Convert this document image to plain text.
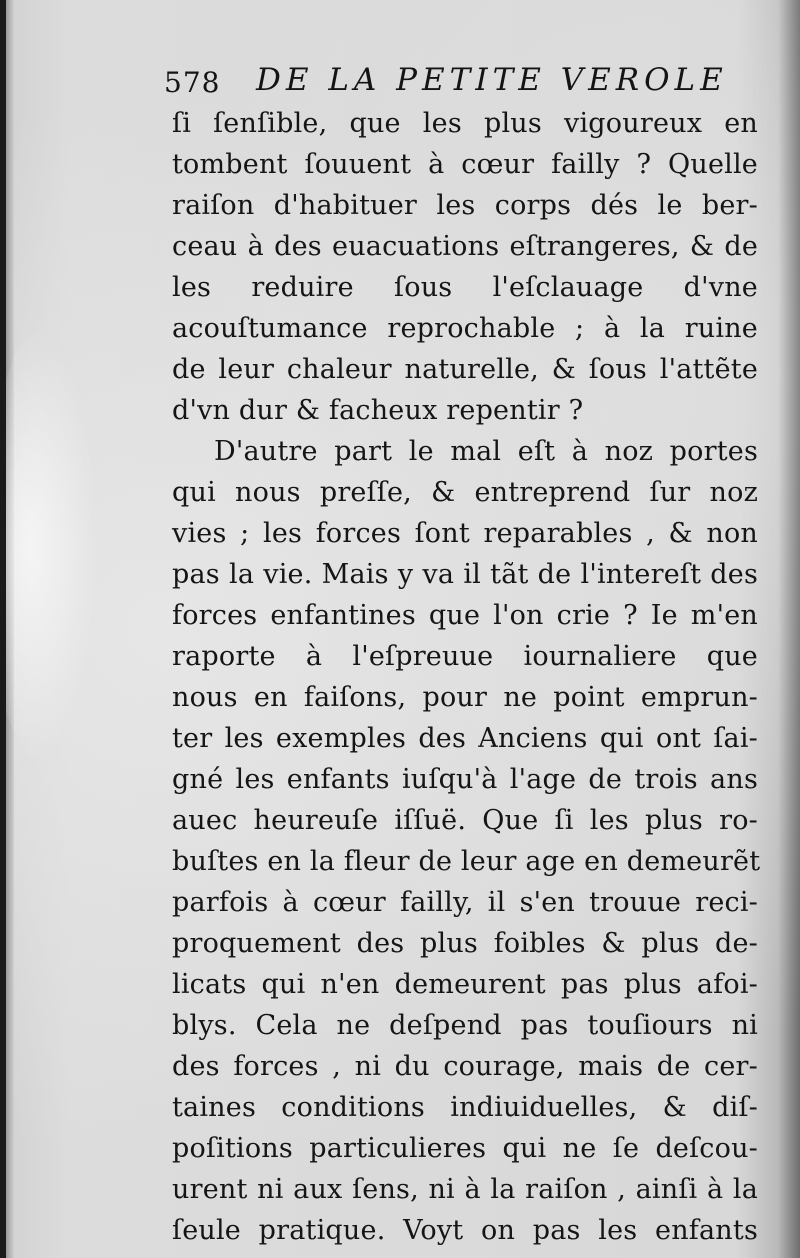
578 DE LA PETITE VEROLE
ſi ſenſible, que les plus vigoureux en
tombent ſouuent à cœur failly ? Quelle
raiſon d'habituer les corps dés le ber-
ceau à des euacuations eſtrangeres, & de
les reduire ſous l'eſclauage d'vne
acouſtumance reprochable ; à la ruine
de leur chaleur naturelle, & ſous l'attẽte
d'vn dur & facheux repentir ?
D'autre part le mal eſt à noz portes
qui nous preſſe, & entreprend ſur noz
vies ; les forces ſont reparables , & non
pas la vie. Mais y va il tãt de l'intereſt des
forces enfantines que l'on crie ? Ie m'en
raporte à l'eſpreuue iournaliere que
nous en faiſons, pour ne point emprun-
ter les exemples des Anciens qui ont ſai-
gné les enfants iuſqu'à l'age de trois ans
auec heureuſe iſſuë. Que ſi les plus ro-
buſtes en la fleur de leur age en demeurẽt
parfois à cœur failly, il s'en trouue reci-
proquement des plus foibles & plus de-
licats qui n'en demeurent pas plus afoi-
blys. Cela ne deſpend pas touſiours ni
des forces , ni du courage, mais de cer-
taines conditions indiuiduelles, & diſ-
poſitions particulieres qui ne ſe deſcou-
urent ni aux ſens, ni à la raiſon , ainſi à la
ſeule pratique. Voyt on pas les enfants
